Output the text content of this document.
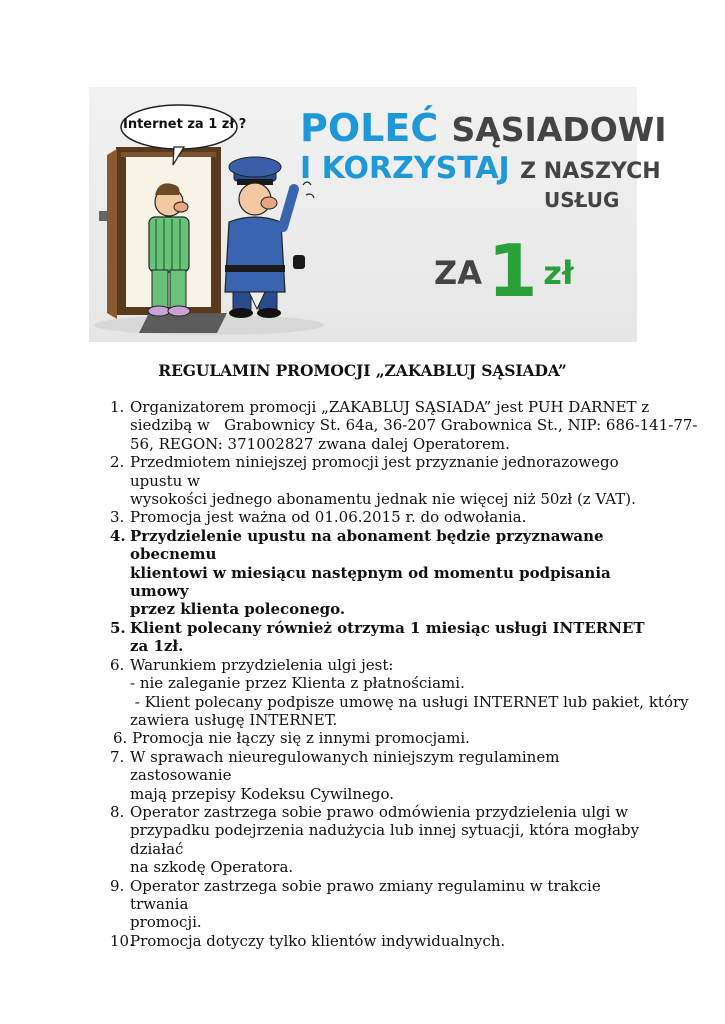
POLEĆ SĄSIADOWI
I KORZYSTAJ Z NASZYCH
USŁUG
ZA 1 zł
Internet za 1 zł ?
REGULAMIN PROMOCJI „ZAKABLUJ SĄSIADA”
1. Organizatorem promocji „ZAKABLUJ SĄSIADA” jest PUH DARNET z
siedzibą w   Grabownicy St. 64a, 36-207 Grabownica St., NIP: 686-141-77-
56, REGON: 371002827 zwana dalej Operatorem.
2. Przedmiotem niniejszej promocji jest przyznanie jednorazowego upustu w
wysokości jednego abonamentu jednak nie więcej niż 50zł (z VAT).
3. Promocja jest ważna od 01.06.2015 r. do odwołania.
4. Przydzielenie upustu na abonament będzie przyznawane obecnemu
klientowi w miesiącu następnym od momentu podpisania umowy
przez klienta poleconego.
5. Klient polecany również otrzyma 1 miesiąc usługi INTERNET za 1zł.
6. Warunkiem przydzielenia ulgi jest:
- nie zaleganie przez Klienta z płatnościami.
- Klient polecany podpisze umowę na usługi INTERNET lub pakiet, który
zawiera usługę INTERNET.
6. Promocja nie łączy się z innymi promocjami.
7. W sprawach nieuregulowanych niniejszym regulaminem zastosowanie
mają przepisy Kodeksu Cywilnego.
8. Operator zastrzega sobie prawo odmówienia przydzielenia ulgi w
przypadku podejrzenia nadużycia lub innej sytuacji, która mogłaby działać
na szkodę Operatora.
9. Operator zastrzega sobie prawo zmiany regulaminu w trakcie trwania
promocji.
10.
Promocja dotyczy tylko klientów indywidualnych.
